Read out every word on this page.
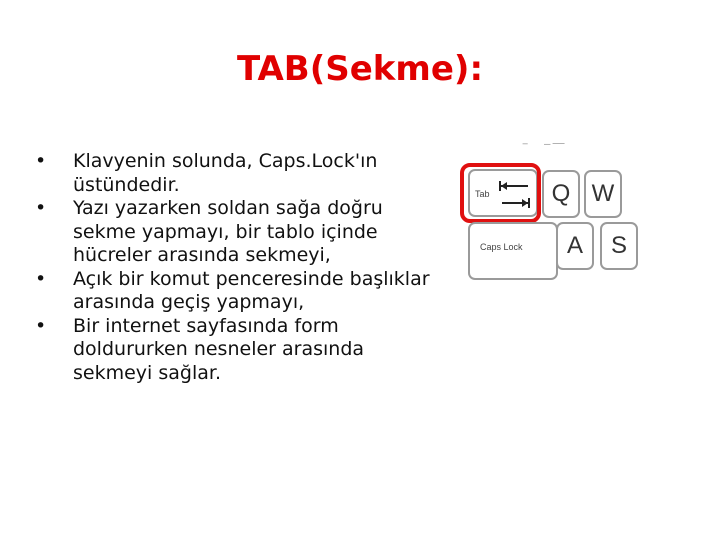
TAB(Sekme):
• Klavyenin solunda, Caps.Lock'ın üstündedir.
• Yazı yazarken soldan sağa doğru sekme yapmayı, bir tablo içinde hücreler arasında sekmeyi,
• Açık bir komut penceresinde başlıklar arasında geçiş yapmayı,
• Bir internet sayfasında form doldururken nesneler arasında sekmeyi sağlar.
Tab	Q W
Caps Lock	A	S
